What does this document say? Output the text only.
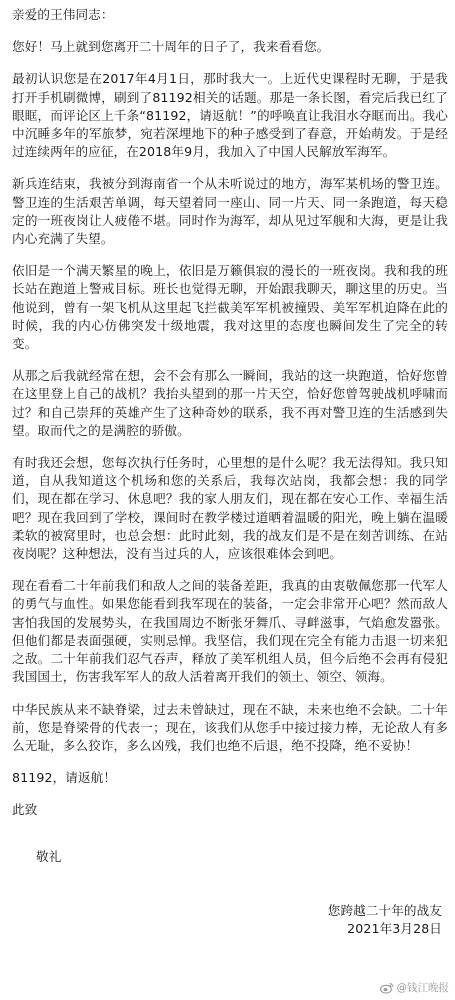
亲爱的王伟同志：

您好！马上就到您离开二十周年的日子了，我来看看您。

最初认识您是在2017年4月1日，那时我大一。上近代史课程时无聊，于是我打开手机刷微博，刷到了81192相关的话题。那是一条长图，看完后我已红了眼眶，而评论区上千条“81192，请返航！”的呼唤直让我泪水夺眶而出。我心中沉睡多年的军旅梦，宛若深埋地下的种子感受到了春意，开始萌发。于是经过连续两年的应征，在2018年9月，我加入了中国人民解放军海军。

新兵连结束，我被分到海南省一个从未听说过的地方，海军某机场的警卫连。警卫连的生活艰苦单调，每天望着同一座山、同一片天、同一条跑道，每天稳定的一班夜岗让人疲倦不堪。同时作为海军，却从见过军舰和大海，更是让我内心充满了失望。

依旧是一个满天繁星的晚上，依旧是万籁俱寂的漫长的一班夜岗。我和我的班长站在跑道上警戒目标。班长也觉得无聊，开始跟我聊天，聊这里的历史。当他说到，曾有一架飞机从这里起飞拦截美军军机被撞毁、美军军机迫降在此的时候，我的内心仿佛突发十级地震，我对这里的态度也瞬间发生了完全的转变。

从那之后我就经常在想，会不会有那么一瞬间，我站的这一块跑道，恰好您曾在这里登上自己的战机？我抬头望到的那一片天空，恰好您曾驾驶战机呼啸而过？和自己崇拜的英雄产生了这种奇妙的联系，我不再对警卫连的生活感到失望。取而代之的是满腔的骄傲。

有时我还会想，您每次执行任务时，心里想的是什么呢？我无法得知。我只知道，自从我知道这个机场和您的关系后，我每次站岗，我都会想：我的同学们，现在都在学习、休息吧？我的家人朋友们，现在都在安心工作、幸福生活吧？现在我回到了学校，课间时在教学楼过道晒着温暖的阳光，晚上躺在温暖柔软的被窝里时，也总会想：此时此刻，我的战友们是不是在刻苦训练、在站夜岗呢？这种想法，没有当过兵的人，应该很难体会到吧。

现在看看二十年前我们和敌人之间的装备差距，我真的由衷敬佩您那一代军人的勇气与血性。如果您能看到我军现在的装备，一定会非常开心吧？然而敌人害怕我国的发展势头，在我国周边不断张牙舞爪、寻衅滋事，气焰愈发嚣张。但他们都是表面强硬，实则忌惮。我坚信，我们现在完全有能力击退一切来犯之敌。二十年前我们忍气吞声，释放了美军机组人员，但今后绝不会再有侵犯我国国土，伤害我军军人的敌人活着离开我们的领土、领空、领海。

中华民族从来不缺脊梁，过去未曾缺过，现在不缺，未来也绝不会缺。二十年前，您是脊梁骨的代表一；现在，该我们从您手中接过接力棒，无论敌人有多么无耻，多么狡诈，多么凶残，我们也绝不后退，绝不投降，绝不妥协！

81192，请返航！

此致

敬礼

您跨越二十年的战友

2021年3月28日

@钱江晚报
